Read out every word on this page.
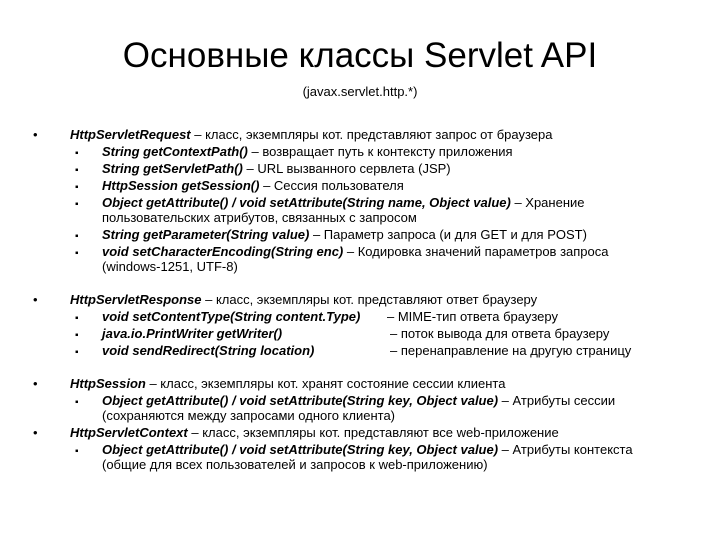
Основные классы Servlet API
(javax.servlet.http.*)
• HttpServletRequest – класс, экземпляры кот. представляют запрос от браузера
▪ String getContextPath() – возвращает путь к контексту приложения
▪ String getServletPath() – URL вызванного сервлета (JSP)
▪ HttpSession getSession() – Сессия пользователя
▪ Object getAttribute() / void setAttribute(String name, Object value) – Хранение
пользовательских атрибутов, связанных с запросом
▪ String getParameter(String value) – Параметр запроса (и для GET и для POST)
▪ void setCharacterEncoding(String enc) – Кодировка значений параметров запроса
(windows-1251, UTF-8)
• HttpServletResponse – класс, экземпляры кот. представляют ответ браузеру
▪ void setContentType(String content.Type) – MIME-тип ответа браузеру
▪ java.io.PrintWriter getWriter()	– поток вывода для ответа браузеру
▪ void sendRedirect(String location)	– перенаправление на другую страницу
• HttpSession – класс, экземпляры кот. хранят состояние сессии клиента
▪ Object getAttribute() / void setAttribute(String key, Object value) – Атрибуты сессии
(сохраняются между запросами одного клиента)
• HttpServletContext – класс, экземпляры кот. представляют все web-приложение
▪ Object getAttribute() / void setAttribute(String key, Object value) – Атрибуты контекста
(общие для всех пользователей и запросов к web-приложению)
